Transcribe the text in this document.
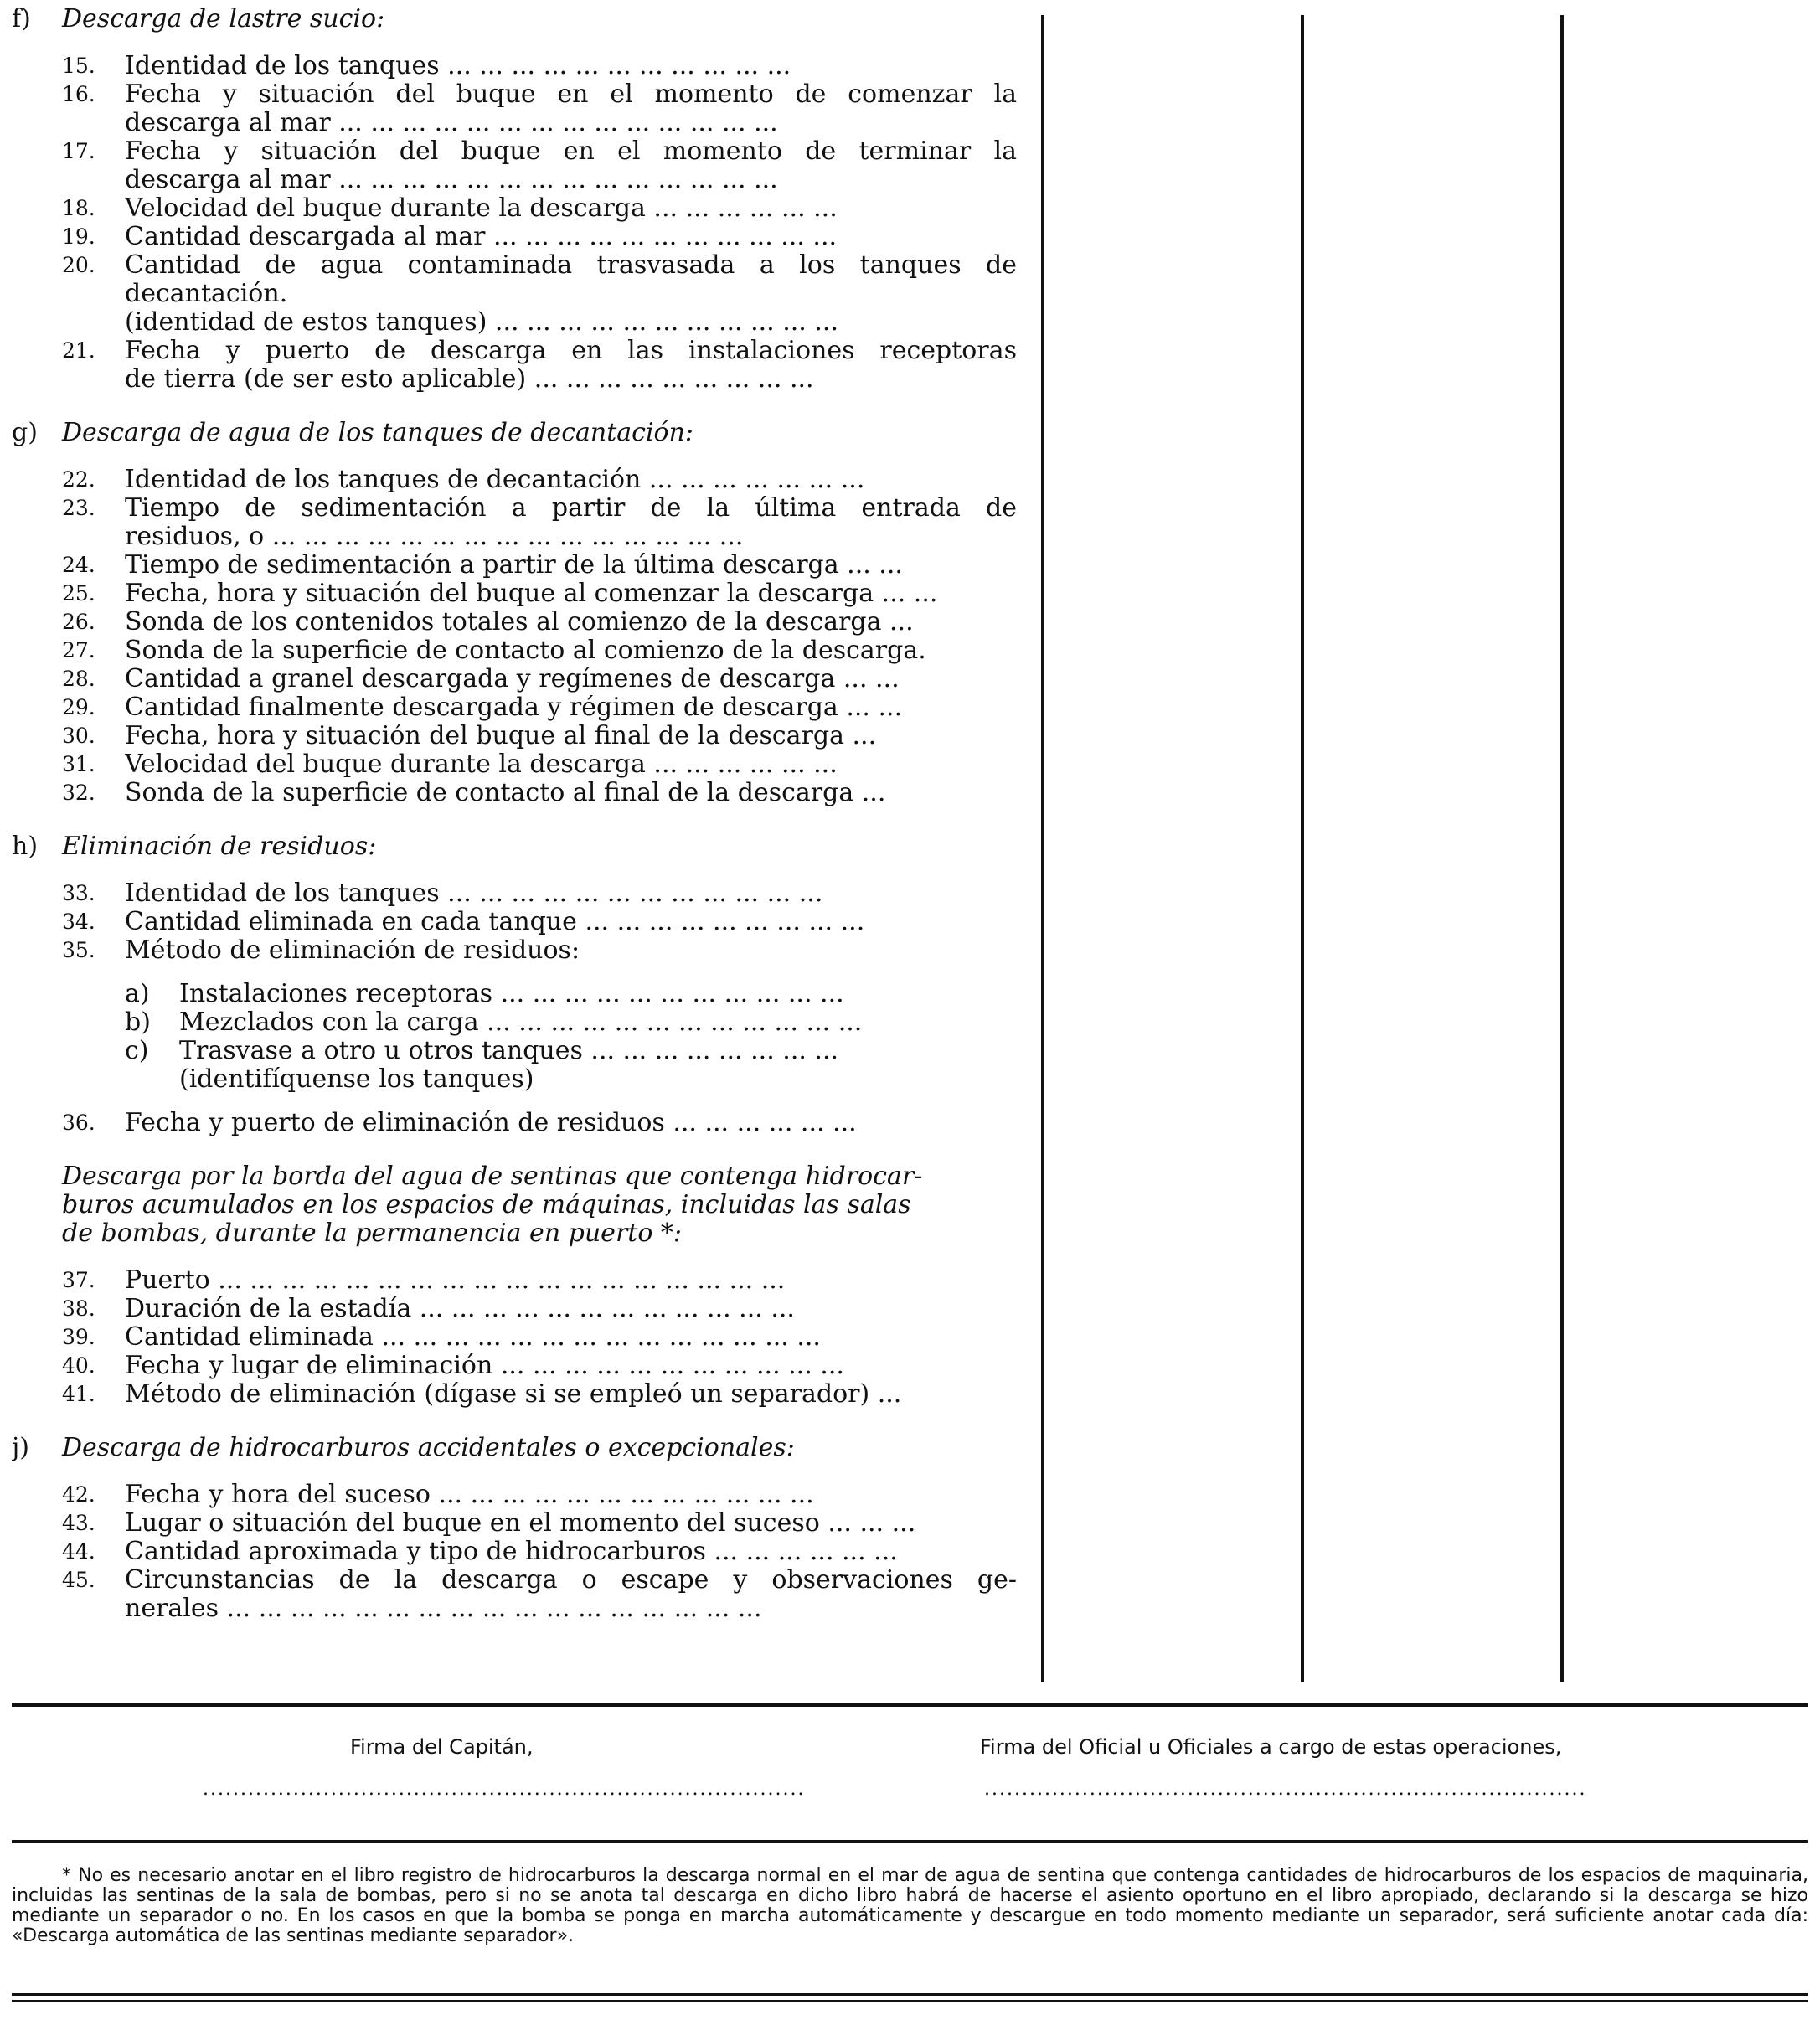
f) Descarga de lastre sucio:
15. Identidad de los tanques ... ... ... ... ... ... ... ... ... ... ...
16. Fecha y situación del buque en el momento de comenzar la
descarga al mar ... ... ... ... ... ... ... ... ... ... ... ... ... ...
17. Fecha y situación del buque en el momento de terminar la
descarga al mar ... ... ... ... ... ... ... ... ... ... ... ... ... ...
18. Velocidad del buque durante la descarga ... ... ... ... ... ...
19. Cantidad descargada al mar ... ... ... ... ... ... ... ... ... ... ...
20. Cantidad de agua contaminada trasvasada a los tanques de
decantación.
(identidad de estos tanques) ... ... ... ... ... ... ... ... ... ... ...
21. Fecha y puerto de descarga en las instalaciones receptoras
de tierra (de ser esto aplicable) ... ... ... ... ... ... ... ... ...
g) Descarga de agua de los tanques de decantación:
22. Identidad de los tanques de decantación ... ... ... ... ... ... ...
23. Tiempo de sedimentación a partir de la última entrada de
residuos, o ... ... ... ... ... ... ... ... ... ... ... ... ... ... ...
24. Tiempo de sedimentación a partir de la última descarga ... ...
25. Fecha, hora y situación del buque al comenzar la descarga ... ...
26. Sonda de los contenidos totales al comienzo de la descarga ...
27. Sonda de la superficie de contacto al comienzo de la descarga.
28. Cantidad a granel descargada y regímenes de descarga ... ...
29. Cantidad finalmente descargada y régimen de descarga ... ...
30. Fecha, hora y situación del buque al final de la descarga ...
31. Velocidad del buque durante la descarga ... ... ... ... ... ...
32. Sonda de la superficie de contacto al final de la descarga ...
h) Eliminación de residuos:
33. Identidad de los tanques ... ... ... ... ... ... ... ... ... ... ... ...
34. Cantidad eliminada en cada tanque ... ... ... ... ... ... ... ... ...
35. Método de eliminación de residuos:
a) Instalaciones receptoras ... ... ... ... ... ... ... ... ... ... ...
b) Mezclados con la carga ... ... ... ... ... ... ... ... ... ... ... ...
c) Trasvase a otro u otros tanques ... ... ... ... ... ... ... ...
(identifíquense los tanques)
36. Fecha y puerto de eliminación de residuos ... ... ... ... ... ...
Descarga por la borda del agua de sentinas que contenga hidrocar-
buros acumulados en los espacios de máquinas, incluidas las salas
de bombas, durante la permanencia en puerto *:
37. Puerto ... ... ... ... ... ... ... ... ... ... ... ... ... ... ... ... ... ...
38. Duración de la estadía ... ... ... ... ... ... ... ... ... ... ... ...
39. Cantidad eliminada ... ... ... ... ... ... ... ... ... ... ... ... ... ...
40. Fecha y lugar de eliminación ... ... ... ... ... ... ... ... ... ... ...
41. Método de eliminación (dígase si se empleó un separador) ...
j) Descarga de hidrocarburos accidentales o excepcionales:
42. Fecha y hora del suceso ... ... ... ... ... ... ... ... ... ... ... ...
43. Lugar o situación del buque en el momento del suceso ... ... ...
44. Cantidad aproximada y tipo de hidrocarburos ... ... ... ... ... ...
45. Circunstancias de la descarga o escape y observaciones ge-
nerales ... ... ... ... ... ... ... ... ... ... ... ... ... ... ... ... ...
Firma del Capitán,
................................................................................
Firma del Oficial u Oficiales a cargo de estas operaciones,
................................................................................
* No es necesario anotar en el libro registro de hidrocarburos la descarga normal en el mar de agua de sentina que contenga cantidades de hidrocarburos de los espacios de maquinaria, incluidas las sentinas de la sala de bombas, pero si no se anota tal descarga en dicho libro habrá de hacerse el asiento oportuno en el libro apropiado, declarando si la descarga se hizo mediante un separador o no. En los casos en que la bomba se ponga en marcha automáticamente y descargue en todo momento mediante un separador, será suficiente anotar cada día: «Descarga automática de las sentinas mediante separador».
